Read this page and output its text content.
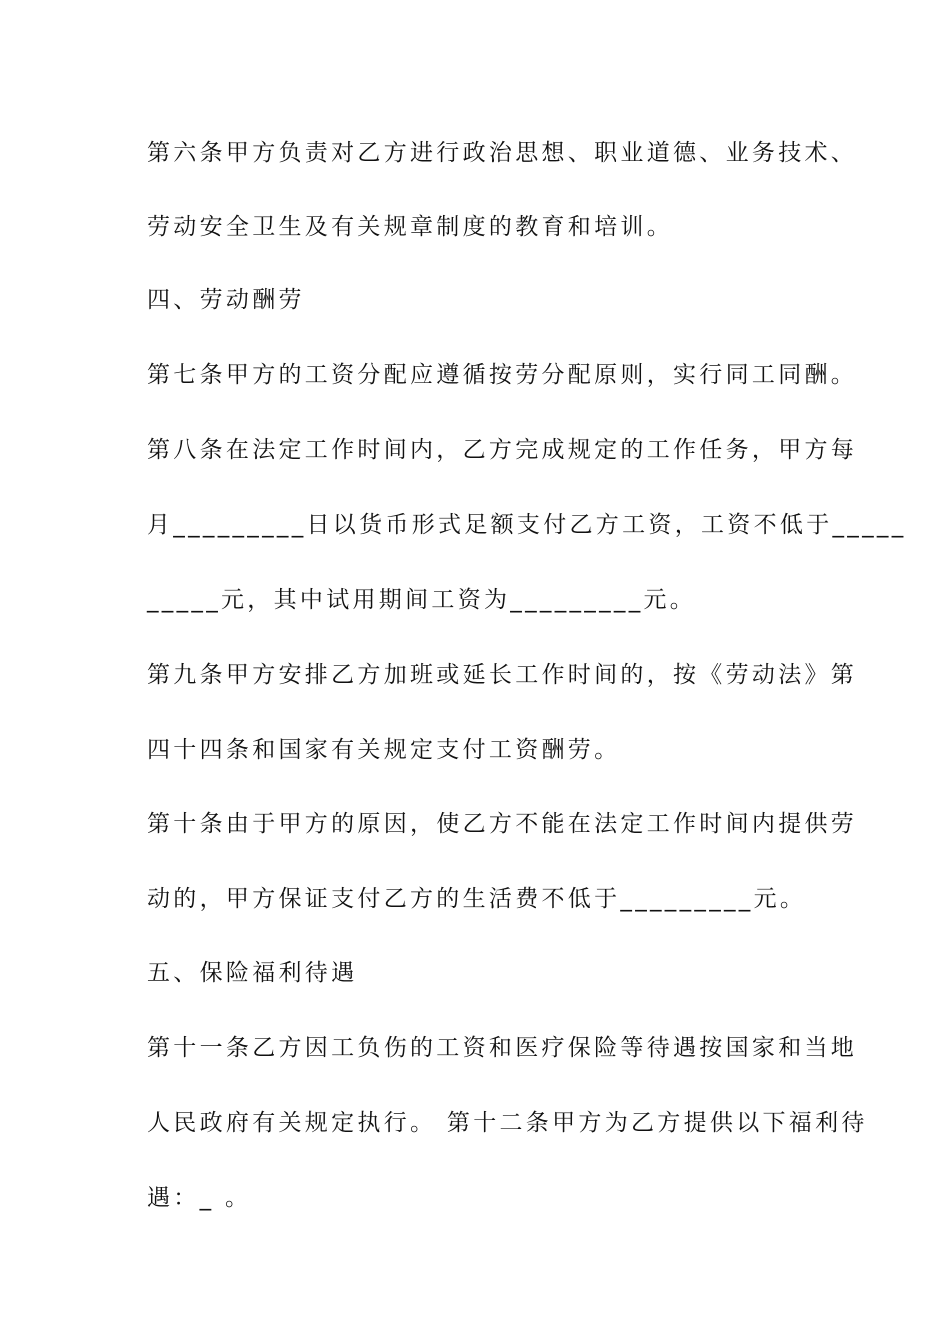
第六条甲方负责对乙方进行政治思想、职业道德、业务技术、

劳动安全卫生及有关规章制度的教育和培训。

四、劳动酬劳

第七条甲方的工资分配应遵循按劳分配原则，实行同工同酬。

第八条在法定工作时间内，乙方完成规定的工作任务，甲方每

月_________日以货币形式足额支付乙方工资，工资不低于_____

_____元，其中试用期间工资为_________元。

第九条甲方安排乙方加班或延长工作时间的，按《劳动法》第

四十四条和国家有关规定支付工资酬劳。

第十条由于甲方的原因，使乙方不能在法定工作时间内提供劳

动的，甲方保证支付乙方的生活费不低于_________元。

五、保险福利待遇

第十一条乙方因工负伤的工资和医疗保险等待遇按国家和当地

人民政府有关规定执行。 第十二条甲方为乙方提供以下福利待

遇：_ 。
